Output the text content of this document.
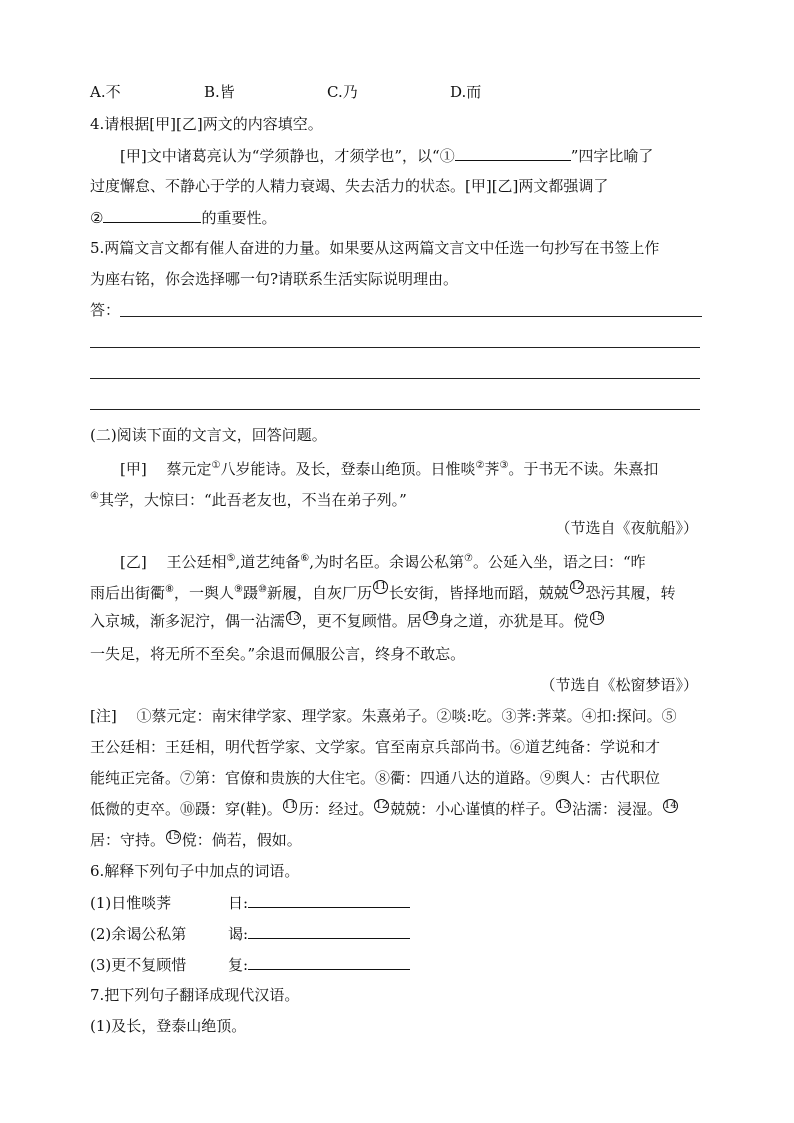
A.不	B.皆	C.乃	D.而
4.请根据[甲][乙]两文的内容填空。
[甲]文中诸葛亮认为“学须静也，才须学也”，以“①	”四字比喻了
过度懈怠、不静心于学的人精力衰竭、失去活力的状态。[甲][乙]两文都强调了
②	的重要性。
5.两篇文言文都有催人奋进的力量。如果要从这两篇文言文中任选一句抄写在书签上作
为座右铭，你会选择哪一句?请联系生活实际说明理由。
答：
(二)阅读下面的文言文，回答问题。
[甲]　 蔡元定①八岁能诗。及长，登泰山绝顶。日惟啖②荠③。于书无不读。朱熹扣
④其学，大惊曰：“此吾老友也，不当在弟子列。”
（节选自《夜航船》）
[乙]　 王公廷相⑤,道艺纯备⑥,为时名臣。余谒公私第⑦。公延入坐，语之曰：“昨
雨后出街衢⑧，一舆人⑨蹑⑩新履，自灰厂历 11 长安街，皆择地而蹈，兢兢 12 恐污其履，转
入京城，渐多泥泞，偶一沾濡 13 ，更不复顾惜。居 14 身之道，亦犹是耳。傥 15
一失足，将无所不至矣。”余退而佩服公言，终身不敢忘。
（节选自《松窗梦语》）
[注]　 ①蔡元定：南宋律学家、理学家。朱熹弟子。②啖:吃。③荠:荠菜。④扣:探问。⑤
王公廷相：王廷相，明代哲学家、文学家。官至南京兵部尚书。⑥道艺纯备：学说和才
能纯正完备。⑦第：官僚和贵族的大住宅。⑧衢：四通八达的道路。⑨舆人：古代职位
低微的吏卒。⑩蹑：穿(鞋)。 11 历：经过。 12 兢兢：小心谨慎的样子。 13 沾濡：浸湿。 14
居：守持。 15 傥：倘若，假如。
6.解释下列句子中加点的词语。
(1)日惟啖荠	日:
(2)余谒公私第	谒:
(3)更不复顾惜	复:
7.把下列句子翻译成现代汉语。
(1)及长，登泰山绝顶。
